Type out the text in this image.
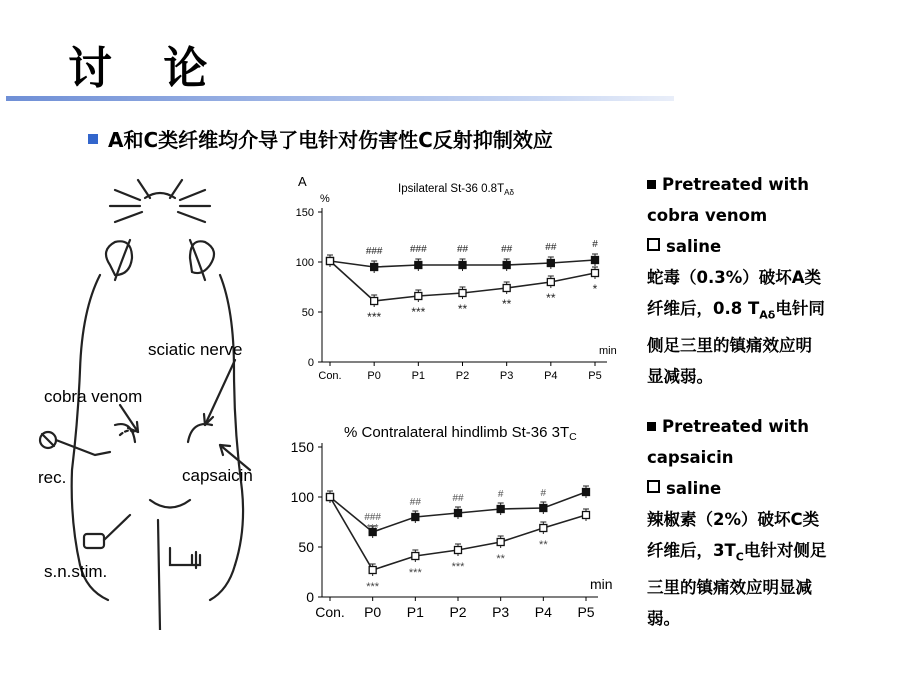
讨 论
A和C类纤维均介导了电针对伤害性C反射抑制效应
sciatic nerve
cobra venom
rec.	capsaicin
s.n.stim.
0
50
100
150
Con. P0	P1	P2	P3	P4	P5
min
Ipsilateral St-36 $0.8T_{A\delta}$
A
%
###	###	##	##	##	#
***	***	**	**	**
*
0
50
100
150
Con. P0 P1 P2 P3 P4 P5
min
% Contralateral hindlimb St-36 $3T_C$
###
##	##	#	#
***
***
***	***
**
**
Pretreated with
cobra venom
saline
蛇毒（0.3%）破坏A类
纤维后，0.8 $T_{A\delta}$电针同
侧足三里的镇痛效应明
显减弱。
Pretreated with
capsaicin
saline
辣椒素（2%）破坏C类
纤维后，$3T_C$电针对侧足
三里的镇痛效应明显减
弱。
